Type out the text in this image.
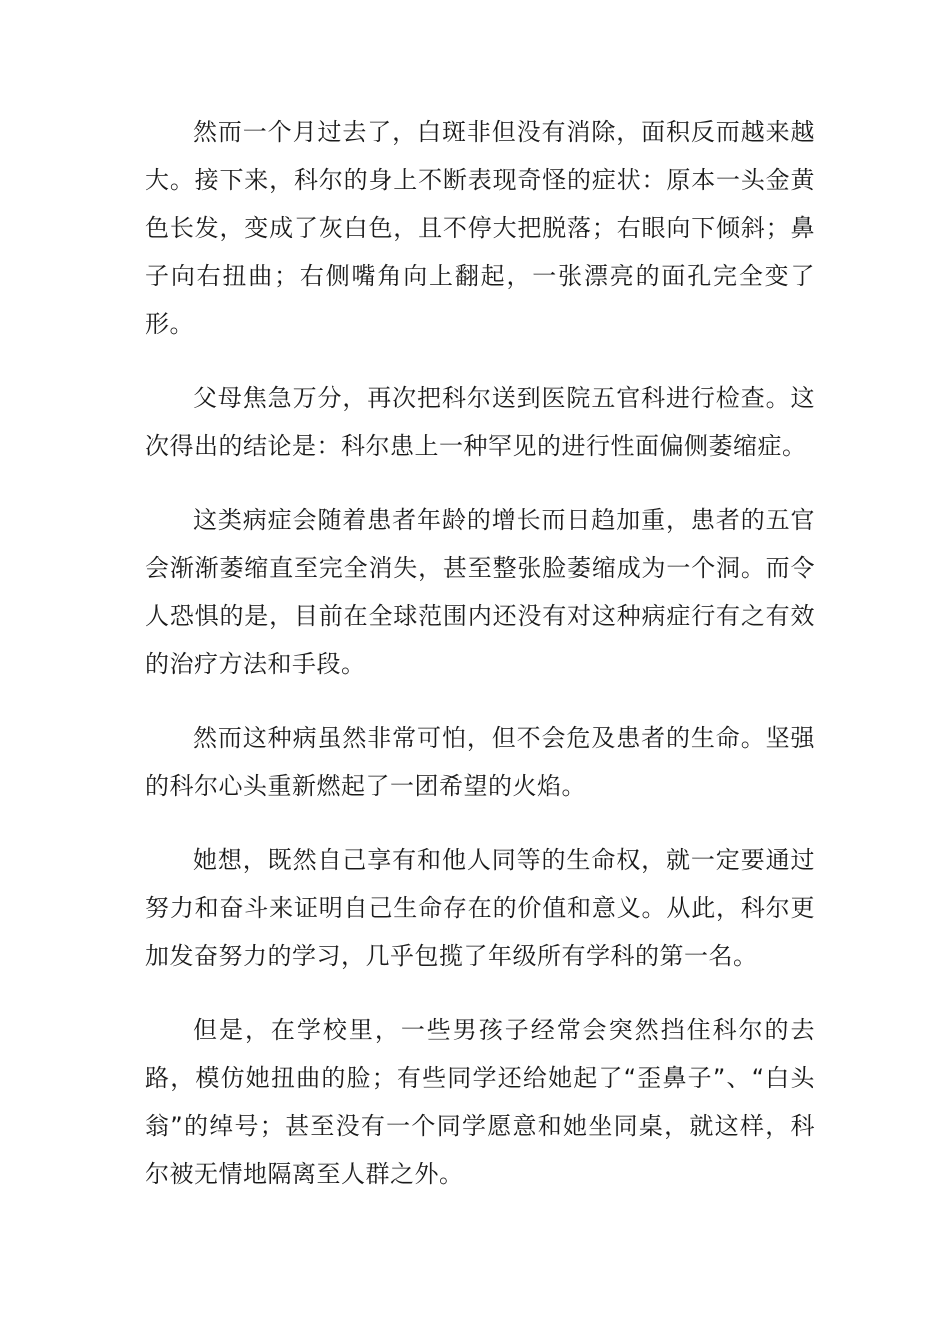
然而一个月过去了，白斑非但没有消除，面积反而越来越大。接下来，科尔的身上不断表现奇怪的症状：原本一头金黄色长发，变成了灰白色，且不停大把脱落；右眼向下倾斜；鼻子向右扭曲；右侧嘴角向上翻起，一张漂亮的面孔完全变了形。

父母焦急万分，再次把科尔送到医院五官科进行检查。这次得出的结论是：科尔患上一种罕见的进行性面偏侧萎缩症。

这类病症会随着患者年龄的增长而日趋加重，患者的五官会渐渐萎缩直至完全消失，甚至整张脸萎缩成为一个洞。而令人恐惧的是，目前在全球范围内还没有对这种病症行有之有效的治疗方法和手段。

然而这种病虽然非常可怕，但不会危及患者的生命。坚强的科尔心头重新燃起了一团希望的火焰。

她想，既然自己享有和他人同等的生命权，就一定要通过努力和奋斗来证明自己生命存在的价值和意义。从此，科尔更加发奋努力的学习，几乎包揽了年级所有学科的第一名。

但是，在学校里，一些男孩子经常会突然挡住科尔的去路，模仿她扭曲的脸；有些同学还给她起了“歪鼻子”、“白头翁”的绰号；甚至没有一个同学愿意和她坐同桌，就这样，科尔被无情地隔离至人群之外。
